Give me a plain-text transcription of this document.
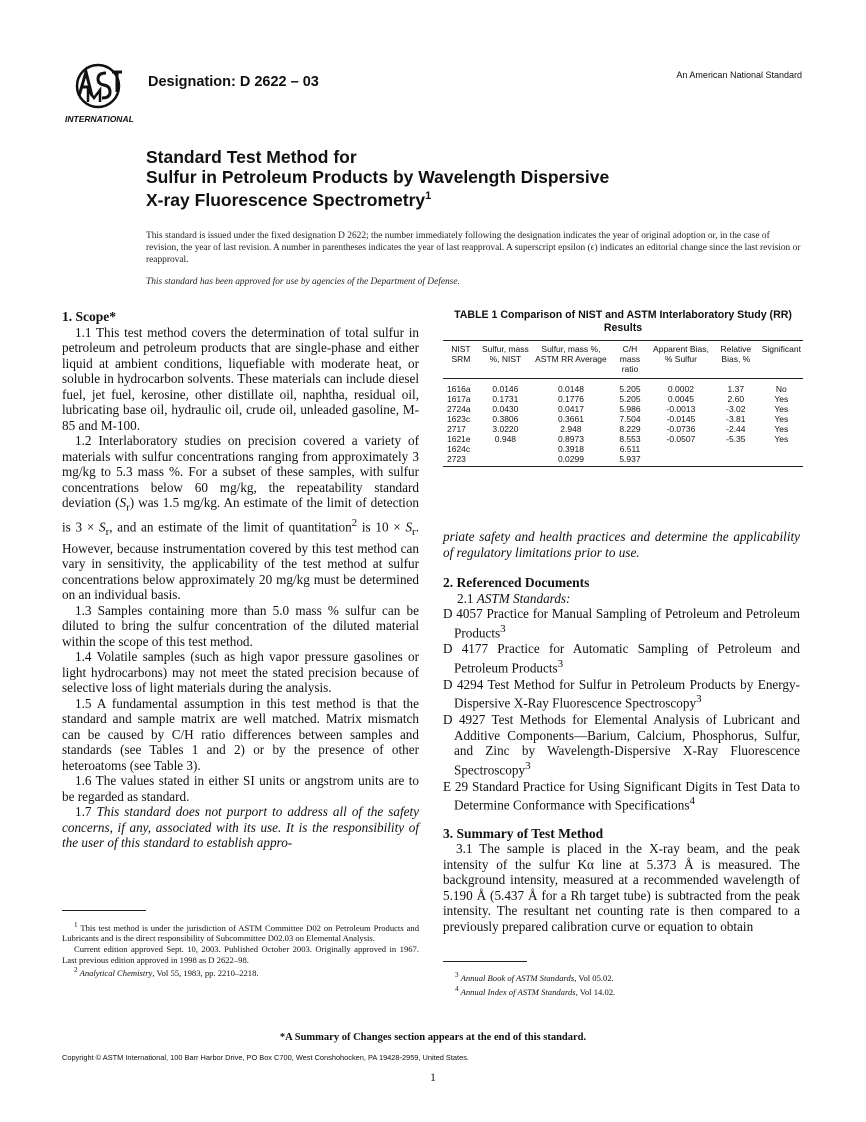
INTERNATIONAL
Designation: D 2622 – 03	An American National Standard
Standard Test Method for
Sulfur in Petroleum Products by Wavelength Dispersive
X-ray Fluorescence Spectrometry$^1$

This standard is issued under the fixed designation D 2622; the number immediately following the designation indicates the year of original adoption or, in the case of revision, the year of last revision. A number in parentheses indicates the year of last reapproval. A superscript epsilon (ϵ) indicates an editorial change since the last revision or reapproval.

This standard has been approved for use by agencies of the Department of Defense.

1. Scope*

1.1 This test method covers the determination of total sulfur in petroleum and petroleum products that are single-phase and either liquid at ambient conditions, liquefiable with moderate heat, or soluble in hydrocarbon solvents. These materials can include diesel fuel, jet fuel, kerosine, other distillate oil, naphtha, residual oil, lubricating base oil, hydraulic oil, crude oil, unleaded gasoline, M-85 and M-100.

1.2 Interlaboratory studies on precision covered a variety of materials with sulfur concentrations ranging from approximately 3 mg/kg to 5.3 mass %. For a subset of these samples, with sulfur concentrations below 60 mg/kg, the repeatability standard deviation $(S_r)$ was 1.5 mg/kg. An estimate of the limit of detection is $3 \times S_r$, and an estimate of the limit of quantitation$^2$ is $10 \times S_r$. However, because instrumentation covered by this test method can vary in sensitivity, the applicability of the test method at sulfur concentrations below approximately 20 mg/kg must be determined on an individual basis.

1.3 Samples containing more than 5.0 mass % sulfur can be diluted to bring the sulfur concentration of the diluted material within the scope of this test method.

1.4 Volatile samples (such as high vapor pressure gasolines or light hydrocarbons) may not meet the stated precision because of selective loss of light materials during the analysis.

1.5 A fundamental assumption in this test method is that the standard and sample matrix are well matched. Matrix mismatch can be caused by C/H ratio differences between samples and standards (see Tables 1 and 2) or by the presence of other heteroatoms (see Table 3).

1.6 The values stated in either SI units or angstrom units are to be regarded as standard.

1.7 This standard does not purport to address all of the safety concerns, if any, associated with its use. It is the responsibility of the user of this standard to establish appro-

TABLE 1 Comparison of NIST and ASTM Interlaboratory Study (RR) Results
NIST SRM	Sulfur, mass %, NIST	Sulfur, mass %, ASTM RR Average	C/H mass ratio	Apparent Bias, % Sulfur	Relative Bias, %	Significant
1616a	0.0146	0.0148	5.205	0.0002	1.37	No
1617a	0.1731	0.1776	5.205	0.0045	2.60	Yes
2724a	0.0430	0.0417	5.986	-0.0013	-3.02	Yes
1623c	0.3806	0.3661	7.504	-0.0145	-3.81	Yes
2717	3.0220	2.948	8.229	-0.0736	-2.44	Yes
1621e	0.948	0.8973	8.553	-0.0507	-5.35	Yes
1624c		0.3918	6.511			
2723		0.0299	5.937			

priate safety and health practices and determine the applicability of regulatory limitations prior to use.

2. Referenced Documents

2.1 ASTM Standards:

D 4057 Practice for Manual Sampling of Petroleum and Petroleum Products$^3$

D 4177 Practice for Automatic Sampling of Petroleum and Petroleum Products$^3$

D 4294 Test Method for Sulfur in Petroleum Products by Energy-Dispersive X-Ray Fluorescence Spectroscopy$^3$

D 4927 Test Methods for Elemental Analysis of Lubricant and Additive Components—Barium, Calcium, Phosphorus, Sulfur, and Zinc by Wavelength-Dispersive X-Ray Fluorescence Spectroscopy$^3$

E 29 Standard Practice for Using Significant Digits in Test Data to Determine Conformance with Specifications$^4$

3. Summary of Test Method

3.1 The sample is placed in the X-ray beam, and the peak intensity of the sulfur Kα line at 5.373 Å is measured. The background intensity, measured at a recommended wavelength of 5.190 Å (5.437 Å for a Rh target tube) is subtracted from the peak intensity. The resultant net counting rate is then compared to a previously prepared calibration curve or equation to obtain

$^1$ This test method is under the jurisdiction of ASTM Committee D02 on Petroleum Products and Lubricants and is the direct responsibility of Subcommittee D02.03 on Elemental Analysis.

Current edition approved Sept. 10, 2003. Published October 2003. Originally approved in 1967. Last previous edition approved in 1998 as D 2622–98.

$^2$ Analytical Chemistry, Vol 55, 1983, pp. 2210–2218.	$^3$ Annual Book of ASTM Standards, Vol 05.02.

$^4$ Annual Index of ASTM Standards, Vol 14.02.

*A Summary of Changes section appears at the end of this standard.
Copyright © ASTM International, 100 Barr Harbor Drive, PO Box C700, West Conshohocken, PA 19428-2959, United States.
1
